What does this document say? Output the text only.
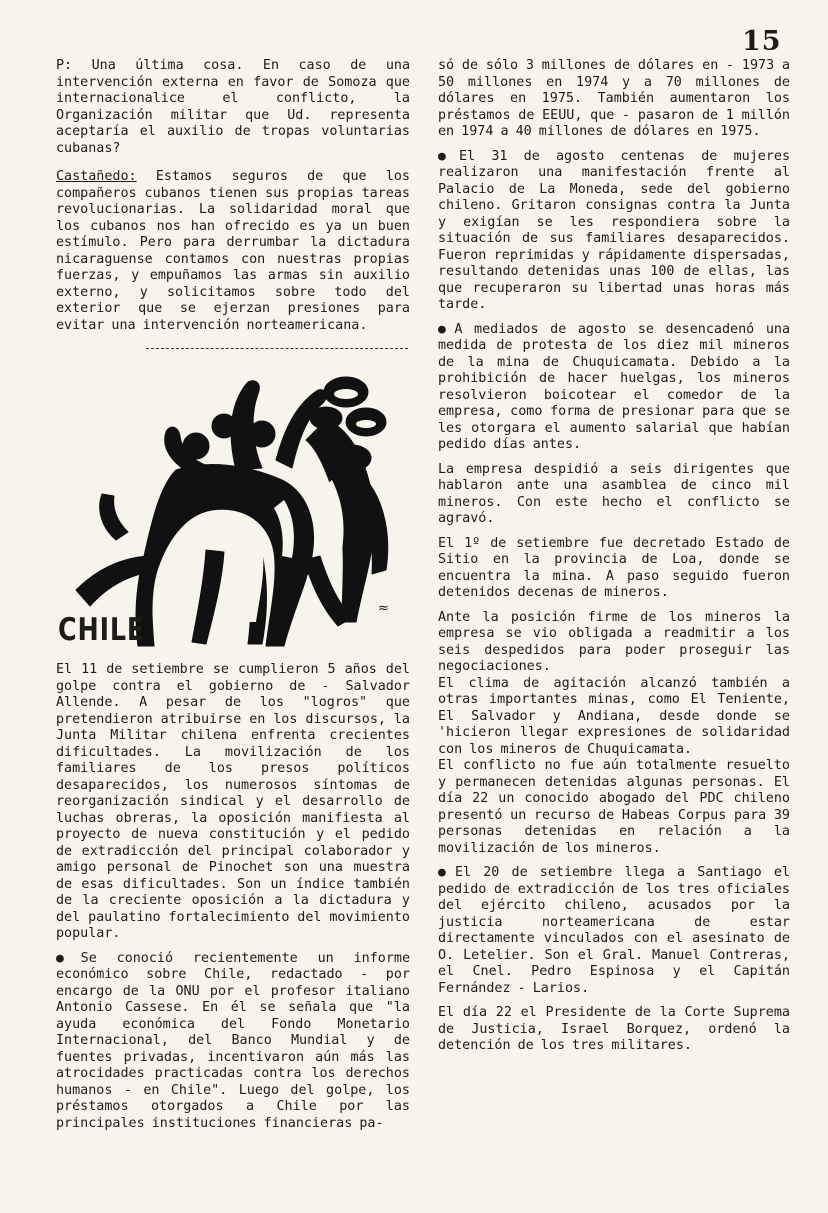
15

P: Una última cosa. En caso de una intervención externa en favor de Somoza que internacionalice el conflicto, la Organización militar que Ud. representa aceptaría el auxilio de tropas voluntarias cubanas?

Castañedo: Estamos seguros de que los compañeros cubanos tienen sus propias tareas revolucionarias. La solidaridad moral que los cubanos nos han ofrecido es ya un buen estímulo. Pero para derrumbar la dictadura nicaraguense contamos con nuestras propias fuerzas, y empuñamos las armas sin auxilio externo, y solicitamos sobre todo del exterior que se ejerzan presiones para evitar una intervención norteamericana.

≈
CHILE

El 11 de setiembre se cumplieron 5 años del golpe contra el gobierno de - Salvador Allende. A pesar de los "logros" que pretendieron atribuirse en los discursos, la Junta Militar chilena enfrenta crecientes dificultades. La movilización de los familiares de los presos políticos desaparecidos, los numerosos síntomas de reorganización sindical y el desarrollo de luchas obreras, la oposición manifiesta al proyecto de nueva constitución y el pedido de extradicción del principal colaborador y amigo personal de Pinochet son una muestra de esas dificultades. Son un índice también de la creciente oposición a la dictadura y del paulatino fortalecimiento del movimiento popular.

● Se conoció recientemente un informe económico sobre Chile, redactado - por encargo de la ONU por el profesor italiano Antonio Cassese. En él se señala que "la ayuda económica del Fondo Monetario Internacional, del Banco Mundial y de fuentes privadas, incentivaron aún más las atrocidades practicadas contra los derechos humanos - en Chile". Luego del golpe, los préstamos otorgados a Chile por las principales instituciones financieras pa-

só de sólo 3 millones de dólares en - 1973 a 50 millones en 1974 y a 70 millones de dólares en 1975. También aumentaron los préstamos de EEUU, que - pasaron de 1 millón en 1974 a 40 millones de dólares en 1975.

● El 31 de agosto centenas de mujeres realizaron una manifestación frente al Palacio de La Moneda, sede del gobierno chileno. Gritaron consignas contra la Junta y exigían se les respondiera sobre la situación de sus familiares desaparecidos. Fueron reprimidas y rápidamente dispersadas, resultando detenidas unas 100 de ellas, las que recuperaron su libertad unas horas más tarde.

● A mediados de agosto se desencadenó una medida de protesta de los diez mil mineros de la mina de Chuquicamata. Debido a la prohibición de hacer huelgas, los mineros resolvieron boicotear el comedor de la empresa, como forma de presionar para que se les otorgara el aumento salarial que habían pedido días antes.

La empresa despidió a seis dirigentes que hablaron ante una asamblea de cinco mil mineros. Con este hecho el conflicto se agravó.

El 1º de setiembre fue decretado Estado de Sitio en la provincia de Loa, donde se encuentra la mina. A paso seguido fueron detenidos decenas de mineros.

Ante la posición firme de los mineros la empresa se vio obligada a readmitir a los seis despedidos para poder proseguir las negociaciones.

El clima de agitación alcanzó también a otras importantes minas, como El Teniente, El Salvador y Andiana, desde donde se 'hicieron llegar expresiones de solidaridad con los mineros de Chuquicamata.

El conflicto no fue aún totalmente resuelto y permanecen detenidas algunas personas. El día 22 un conocido abogado del PDC chileno presentó un recurso de Habeas Corpus para 39 personas detenidas en relación a la movilización de los mineros.

● El 20 de setiembre llega a Santiago el pedido de extradicción de los tres oficiales del ejército chileno, acusados por la justicia norteamericana de estar directamente vinculados con el asesinato de O. Letelier. Son el Gral. Manuel Contreras, el Cnel. Pedro Espinosa y el Capitán Fernández - Larios.

El día 22 el Presidente de la Corte Suprema de Justicia, Israel Borquez, ordenó la detención de los tres militares.
